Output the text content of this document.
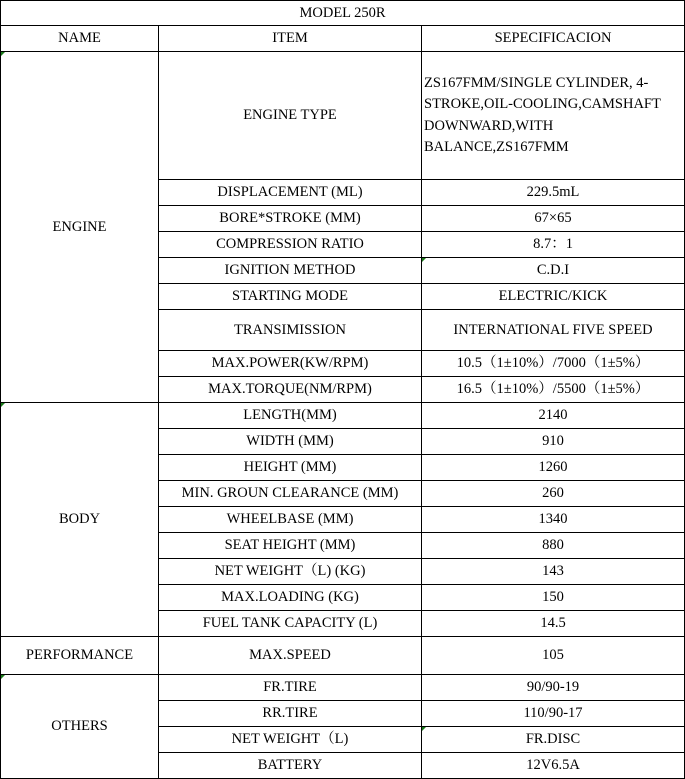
MODEL 250R		
NAME	ITEM	SEPECIFICACION
ENGINE	ENGINE TYPE	ZS167FMM/SINGLE CYLINDER, 4-STROKE,OIL-COOLING,CAMSHAFT DOWNWARD,WITH BALANCE,ZS167FMM
	DISPLACEMENT (ML)	229.5mL
	BORE*STROKE (MM)	67×65
	COMPRESSION RATIO	8.7：1
	IGNITION METHOD	C.D.I
	STARTING MODE	ELECTRIC/KICK
	TRANSIMISSION	INTERNATIONAL FIVE SPEED
	MAX.POWER(KW/RPM)	10.5（1±10%）/7000（1±5%）
	MAX.TORQUE(NM/RPM)	16.5（1±10%）/5500（1±5%）
BODY	LENGTH(MM)	2140
	WIDTH (MM)	910
	HEIGHT (MM)	1260
	MIN. GROUN CLEARANCE (MM)	260
	WHEELBASE (MM)	1340
	SEAT HEIGHT (MM)	880
	NET WEIGHT（L) (KG)	143
	MAX.LOADING (KG)	150
	FUEL TANK CAPACITY (L)	14.5
PERFORMANCE	MAX.SPEED	105
OTHERS	FR.TIRE	90/90-19
	RR.TIRE	110/90-17
	NET WEIGHT（L)	FR.DISC
	BATTERY	12V6.5A
